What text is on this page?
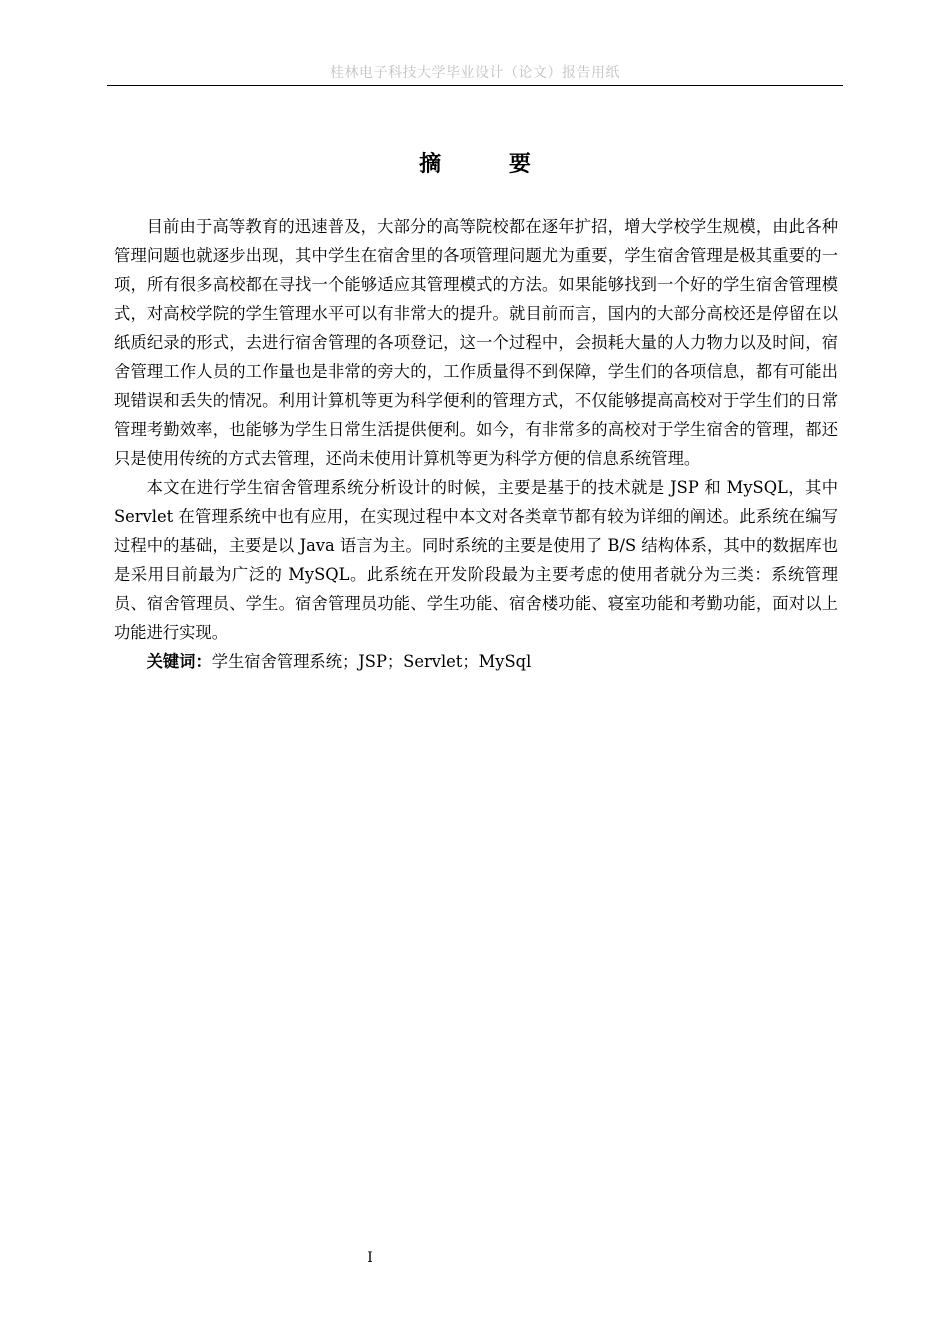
桂林电子科技大学毕业设计（论文）报告用纸
摘 要

目前由于高等教育的迅速普及，大部分的高等院校都在逐年扩招，增大学校学生规模，由此各种管理问题也就逐步出现，其中学生在宿舍里的各项管理问题尤为重要，学生宿舍管理是极其重要的一项，所有很多高校都在寻找一个能够适应其管理模式的方法。如果能够找到一个好的学生宿舍管理模式，对高校学院的学生管理水平可以有非常大的提升。就目前而言，国内的大部分高校还是停留在以纸质纪录的形式，去进行宿舍管理的各项登记，这一个过程中，会损耗大量的人力物力以及时间，宿舍管理工作人员的工作量也是非常的旁大的，工作质量得不到保障，学生们的各项信息，都有可能出现错误和丢失的情况。利用计算机等更为科学便利的管理方式，不仅能够提高高校对于学生们的日常管理考勤效率，也能够为学生日常生活提供便利。如今，有非常多的高校对于学生宿舍的管理，都还只是使用传统的方式去管理，还尚未使用计算机等更为科学方便的信息系统管理。

本文在进行学生宿舍管理系统分析设计的时候，主要是基于的技术就是 JSP 和 MySQL，其中 Servlet 在管理系统中也有应用，在实现过程中本文对各类章节都有较为详细的阐述。此系统在编写过程中的基础，主要是以 Java 语言为主。同时系统的主要是使用了 B/S 结构体系，其中的数据库也是采用目前最为广泛的 MySQL。此系统在开发阶段最为主要考虑的使用者就分为三类：系统管理员、宿舍管理员、学生。宿舍管理员功能、学生功能、宿舍楼功能、寝室功能和考勤功能，面对以上功能进行实现。

关键词：学生宿舍管理系统；JSP；Servlet；MySql

I
